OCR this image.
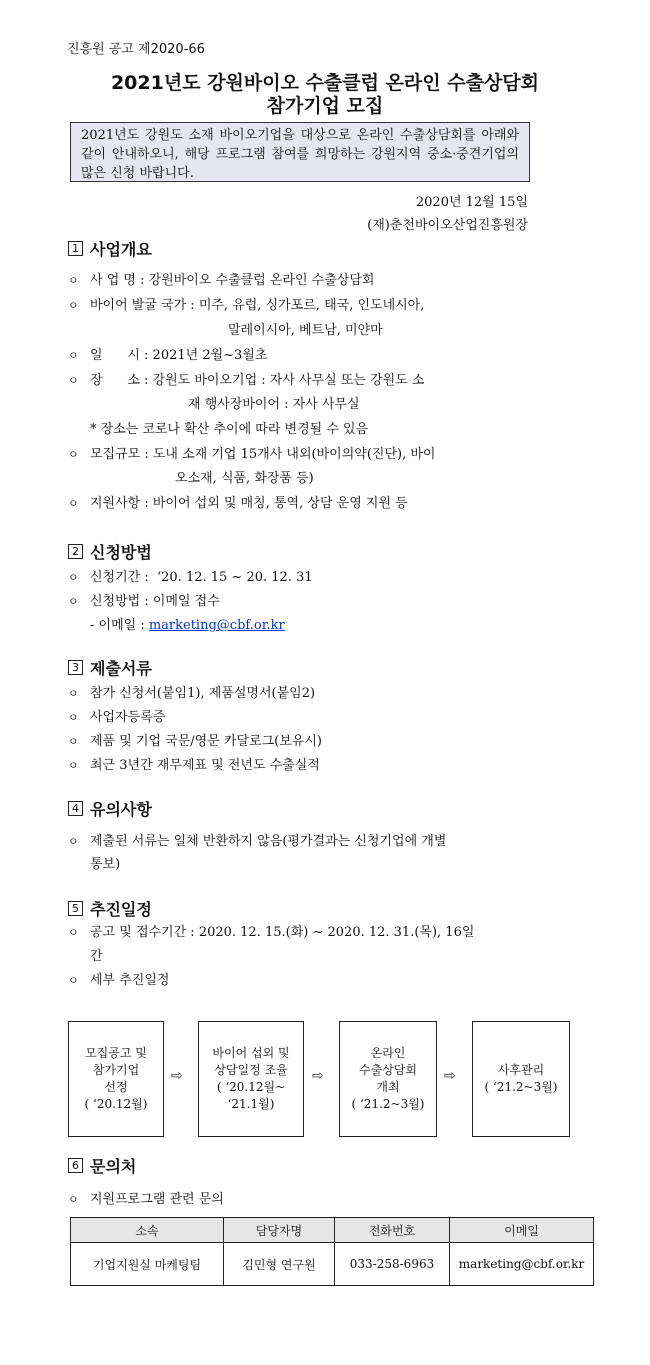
진흥원 공고 제2020-66
2021년도 강원바이오 수출클럽 온라인 수출상담회
참가기업 모집
2021년도 강원도 소재 바이오기업을 대상으로 온라인 수출상담회를 아래와 같이 안내하오니, 해당 프로그램 참여를 희망하는 강원지역 중소·중견기업의 많은 신청 바랍니다.
2020년 12월 15일
(재)춘천바이오산업진흥원장
1 사업개요
ㅇ 사 업 명 : 강원바이오 수출클럽 온라인 수출상담회
ㅇ 바이어 발굴 국가 : 미주, 유럽, 싱가포르, 태국, 인도네시아,
말레이시아, 베트남, 미얀마
ㅇ 일      시 : 2021년 2월~3월초
ㅇ 장      소 : 강원도 바이오기업 : 자사 사무실 또는 강원도 소
재 행사장바이어 : 자사 사무실
* 장소는 코로나 확산 추이에 따라 변경될 수 있음
ㅇ 모집규모 : 도내 소재 기업 15개사 내외(바이의약(진단), 바이
오소재, 식품, 화장품 등)
ㅇ 지원사항 : 바이어 섭외 및 매칭, 통역, 상담 운영 지원 등
2 신청방법
ㅇ 신청기간 :  ‘20. 12. 15 ~ 20. 12. 31
ㅇ 신청방법 : 이메일 접수
- 이메일 : marketing@cbf.or.kr
3 제출서류
ㅇ 참가 신청서(붙임1), 제품설명서(붙임2)
ㅇ 사업자등록증
ㅇ 제품 및 기업 국문/영문 카달로그(보유시)
ㅇ 최근 3년간 재무제표 및 전년도 수출실적
4 유의사항
ㅇ 제출된 서류는 일체 반환하지 않음(평가결과는 신청기업에 개별
통보)
5 추진일정
ㅇ 공고 및 접수기간 : 2020. 12. 15.(화) ~ 2020. 12. 31.(목), 16일
간
ㅇ 세부 추진일정
모집공고 및
참가기업
선정
( ‘20.12월)
⇨
바이어 섭외 및
상담일정 조율
( ‘20.12월~
‘21.1월)
⇨
온라인
수출상담회
개최
( ‘21.2~3월)
⇨	사후관리
( ‘21.2~3월)
6 문의처
ㅇ 지원프로그램 관련 문의
소속	담당자명	전화번호	이메일
기업지원실 마케팅팀	김민형 연구원	033-258-6963	marketing@cbf.or.kr
